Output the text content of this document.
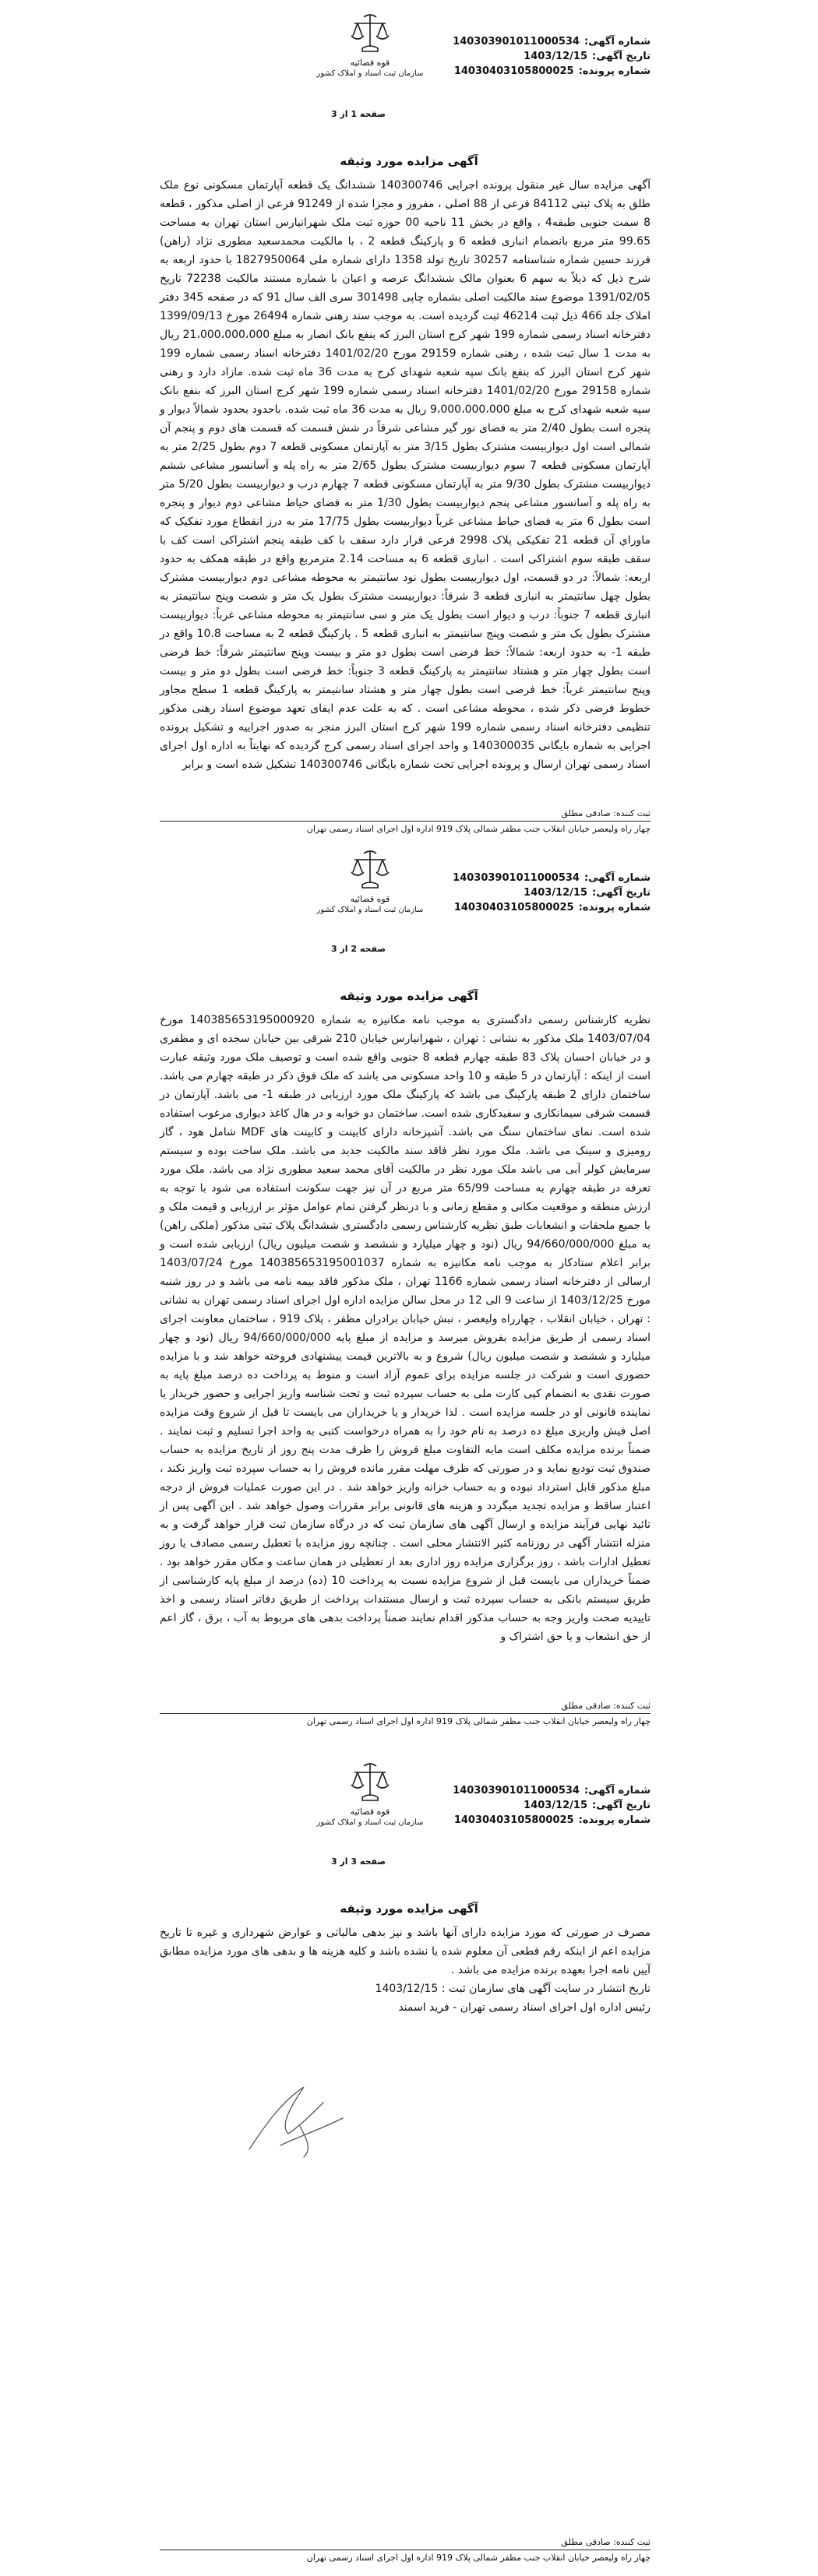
قوه قضائیه
سازمان ثبت اسناد و املاک کشور
شماره آگهی:
140303901011000534
تاریخ آگهی:
1403/12/15
شماره پرونده:
14030403105800025
صفحه 1 از 3
آگهی مزایده مورد وثیقه

آگهی مزایده سال غیر منقول پرونده اجرایی 140300746 ششدانگ یک قطعه آپارتمان مسکونی نوع ملک طلق به پلاک ثبتی 84112 فرعی از 88 اصلی ، مفروز و مجزا شده از 91249 فرعی از اصلی مذکور ، قطعه 8 سمت جنوبی طبقه4 ، واقع در بخش 11 ناحیه 00 حوزه ثبت ملک شهرانیارس استان تهران به مساحت 99.65 متر مربع بانضمام انباری قطعه 6 و پارکینگ قطعه 2 ، با مالکیت محمدسعید مطوری نژاد (راهن) فرزند حسین شماره شناسنامه 30257 تاریخ تولد 1358 دارای شماره ملی 1827950064 با حدود اربعه به شرح ذیل که ذیلاً به سهم 6 بعنوان مالک ششدانگ عرصه و اعیان با شماره مستند مالکیت 72238 تاریخ 1391/02/05 موضوع سند مالکیت اصلی بشماره چاپی 301498 سری الف سال 91 که در صفحه 345 دفتر املاک جلد 466 ذیل ثبت 46214 ثبت گردیده است. به موجب سند رهنی شماره 26494 مورخ 1399/09/13 دفترخانه اسناد رسمی شماره 199 شهر کرج استان البرز که بنفع بانک انصار به مبلغ 21،000،000،000 ریال به مدت 1 سال ثبت شده ، رهنی شماره 29159 مورخ 1401/02/20 دفترخانه اسناد رسمی شماره 199 شهر کرج استان البرز که بنفع بانک سپه شعبه شهدای کرج به مدت 36 ماه ثبت شده. مازاد دارد و رهنی شماره 29158 مورخ 1401/02/20 دفترخانه اسناد رسمی شماره 199 شهر کرج استان البرز که بنفع بانک سپه شعبه شهدای کرج به مبلغ 9،000،000،000 ریال به مدت 36 ماه ثبت شده. باحدود بحدود شمالاً دیوار و پنجره است بطول 2/40 متر به فضای نور گیر مشاعی شرقاً در شش قسمت که قسمت های دوم و پنجم آن شمالی است اول دیواربیست مشترک بطول 3/15 متر به آپارتمان مسکونی قطعه 7 دوم بطول 2/25 متر به آپارتمان مسکونی قطعه 7 سوم دیواربیست مشترک بطول 2/65 متر به راه پله و آسانسور مشاعی ششم دیواربیست مشترک بطول 9/30 متر به آپارتمان مسکونی قطعه 7 چهارم درب و دیواربیست بطول 5/20 متر به راه پله و آسانسور مشاعی پنجم دیواربیست بطول 1/30 متر به فضای حیاط مشاعی دوم دیوار و پنجره است بطول 6 متر به فضای حیاط مشاعی غرباً دیواربیست بطول 17/75 متر به درز انقطاع مورد تفکیک که ماوراي آن قطعه 21 تفکیکی پلاک 2998 فرعی قرار دارد سقف با کف طبقه پنجم اشتراکی است کف با سقف طبقه سوم اشتراکی است . انباری قطعه 6 به مساحت 2.14 مترمربع واقع در طبقه همکف به حدود اربعه: شمالاً: در دو قسمت، اول دیواربیست بطول نود سانتیمتر به محوطه مشاعی دوم دیواربیست مشترک بطول چهل سانتیمتر به انباری قطعه 3 شرقاً: دیواربیست مشترک بطول یک متر و شصت وپنج سانتیمتر به انباری قطعه 7 جنوباً: درب و دیوار است بطول یک متر و سی سانتیمتر به محوطه مشاعی غرباً: دیواربیست مشترک بطول یک متر و شصت وپنج سانتیمتر به انباری قطعه 5 . پارکینگ قطعه 2 به مساحت 10.8 واقع در طبقه 1- به حدود اربعه: شمالاً: خط فرضی است بطول دو متر و بیست وپنج سانتیمتر شرقاً: خط فرضی است بطول چهار متر و هشتاد سانتیمتر به پارکینگ قطعه 3 جنوباً: خط فرضی است بطول دو متر و بیست وپنج سانتیمتر غرباً: خط فرضی است بطول چهار متر و هشتاد سانتیمتر به پارکینگ قطعه 1 سطح مجاور خطوط فرضی ذکر شده ، محوطه مشاعی است . که به علت عدم ایفای تعهد موضوع اسناد رهنی مذکور تنظیمی دفترخانه اسناد رسمی شماره 199 شهر کرج استان البرز منجر به صدور اجراییه و تشکیل پرونده اجرایی به شماره بایگانی 140300035 و واحد اجرای اسناد رسمی کرج گردیده که نهایتاً به اداره اول اجرای اسناد رسمی تهران ارسال و پرونده اجرایی تحت شماره بایگانی 140300746 تشکیل شده است و برابر

ثبت کننده: صادقی مطلق
چهار راه ولیعصر خیابان انقلاب جنب مظفر شمالی پلاک 919 اداره اول اجرای اسناد رسمی تهران
قوه قضائیه
سازمان ثبت اسناد و املاک کشور
شماره آگهی:
140303901011000534
تاریخ آگهی:
1403/12/15
شماره پرونده:
14030403105800025
صفحه 2 از 3
آگهی مزایده مورد وثیقه

نظریه کارشناس رسمی دادگستری به موجب نامه مکانیزه به شماره 140385653195000920 مورخ 1403/07/04 ملک مذکور به نشانی : تهران ، شهرانیارس خیابان 210 شرقی بین خیابان سجده ای و مظفری و در خیابان احسان پلاک 83 طبقه چهارم قطعه 8 جنوبی واقع شده است و توصیف ملک مورد وثیقه عبارت است از اینکه : آپارتمان در 5 طبقه و 10 واحد مسکونی می باشد که ملک فوق ذکر در طبقه چهارم می باشد. ساختمان دارای 2 طبقه پارکینگ می باشد که پارکینگ ملک مورد ارزیابی در طبقه 1- می باشد. آپارتمان در قسمت شرقی سیمانکاری و سفیدکاری شده است. ساختمان دو خوابه و در هال کاغذ دیواری مرغوب استفاده شده است. نمای ساختمان سنگ می باشد. آشپزخانه دارای کابینت و کابینت های MDF شامل هود ، گاز رومیزی و سینک می باشد. ملک مورد نظر فاقد سند مالکیت جدید می باشد. ملک ساخت بوده و سیستم سرمایش کولر آبی می باشد ملک مورد نظر در مالکیت آقای محمد سعید مطوری نژاد می باشد. ملک مورد تعرفه در طبقه چهارم به مساحت 65/99 متر مربع در آن نیز جهت سکونت استفاده می شود با توجه به ارزش منطقه و موقعیت مکانی و مقطع زمانی و با درنظر گرفتن تمام عوامل مؤثر بر ارزیابی و قیمت ملک و با جمیع ملحقات و انشعابات طبق نظریه کارشناس رسمی دادگستری ششدانگ پلاک ثبتی مذکور (ملکی راهن) به مبلغ 94/660/000/000 ریال (نود و چهار میلیارد و ششصد و شصت میلیون ریال) ارزیابی شده است و برابر اعلام ستادکار به موجب نامه مکانیزه به شماره 140385653195001037 مورخ 1403/07/24 ارسالی از دفترخانه اسناد رسمی شماره 1166 تهران ، ملک مذکور فاقد بیمه نامه می باشد و در روز شنبه مورخ 1403/12/25 از ساعت 9 الی 12 در محل سالن مزایده اداره اول اجرای اسناد رسمی تهران به نشانی : تهران ، خیابان انقلاب ، چهارراه ولیعصر ، نبش خیابان برادران مظفر ، پلاک 919 ، ساختمان معاونت اجرای اسناد رسمی از طریق مزایده بفروش میرسد و مزایده از مبلغ پایه 94/660/000/000 ریال (نود و چهار میلیارد و ششصد و شصت میلیون ریال) شروع و به بالاترین قیمت پیشنهادی فروخته خواهد شد و با مزایده حضوری است و شرکت در جلسه مزایده برای عموم آزاد است و منوط به پرداخت ده درصد مبلغ پایه به صورت نقدی به انضمام کپی کارت ملی به حساب سپرده ثبت و تحت شناسه واریز اجرایی و حضور خریدار یا نماینده قانونی او در جلسه مزایده است . لذا خریدار و یا خریداران می بایست تا قبل از شروع وقت مزایده اصل فیش واریزی مبلغ ده درصد به نام خود را به همراه درخواست کتبی به واحد اجرا تسلیم و ثبت نمایند . ضمناً برنده مزایده مکلف است مابه التفاوت مبلغ فروش را ظرف مدت پنج روز از تاریخ مزایده به حساب صندوق ثبت تودیع نماید و در صورتی که ظرف مهلت مقرر مانده فروش را به حساب سپرده ثبت واریز نکند ، مبلغ مذکور قابل استرداد نبوده و به حساب خزانه واریز خواهد شد . در این صورت عملیات فروش از درجه اعتبار ساقط و مزایده تجدید میگردد و هزینه های قانونی برابر مقررات وصول خواهد شد . این آگهی پس از تائید نهایی فرآیند مزایده و ارسال آگهی های سازمان ثبت که در درگاه سازمان ثبت قرار خواهد گرفت و به منزله انتشار آگهی در روزنامه کثیر الانتشار محلی است . چنانچه روز مزایده با تعطیل رسمی مصادف یا روز تعطیل ادارات باشد ، روز برگزاری مزایده روز اداری بعد از تعطیلی در همان ساعت و مکان مقرر خواهد بود . ضمناً خریداران می بایست قبل از شروع مزایده نسبت به پرداخت 10 (ده) درصد از مبلغ پایه کارشناسی از طریق سیستم بانکی به حساب سپرده ثبت و ارسال مستندات پرداخت از طریق دفاتر اسناد رسمی و اخذ تاییدیه صحت واریز وجه به حساب مذکور اقدام نمایند ضمناً پرداخت بدهی های مربوط به آب ، برق ، گاز اعم از حق انشعاب و یا حق اشتراک و

ثبت کننده: صادقی مطلق
چهار راه ولیعصر خیابان انقلاب جنب مظفر شمالی پلاک 919 اداره اول اجرای اسناد رسمی تهران
قوه قضائیه
سازمان ثبت اسناد و املاک کشور
شماره آگهی:
140303901011000534
تاریخ آگهی:
1403/12/15
شماره پرونده:
14030403105800025
صفحه 3 از 3
آگهی مزایده مورد وثیقه

مصرف در صورتی که مورد مزایده دارای آنها باشد و نیز بدهی مالیاتی و عوارض شهرداری و غیره تا تاریخ مزایده اعم از اینکه رقم قطعی آن معلوم شده یا نشده باشد و کلیه هزینه ها و بدهی های مورد مزایده مطابق آیین نامه اجرا بعهده برنده مزایده می باشد .

تاریخ انتشار در سایت آگهی های سازمان ثبت : 1403/12/15
رئیس اداره اول اجرای اسناد رسمی تهران - فرید اسمند
ثبت کننده: صادقی مطلق
چهار راه ولیعصر خیابان انقلاب جنب مظفر شمالی پلاک 919 اداره اول اجرای اسناد رسمی تهران
